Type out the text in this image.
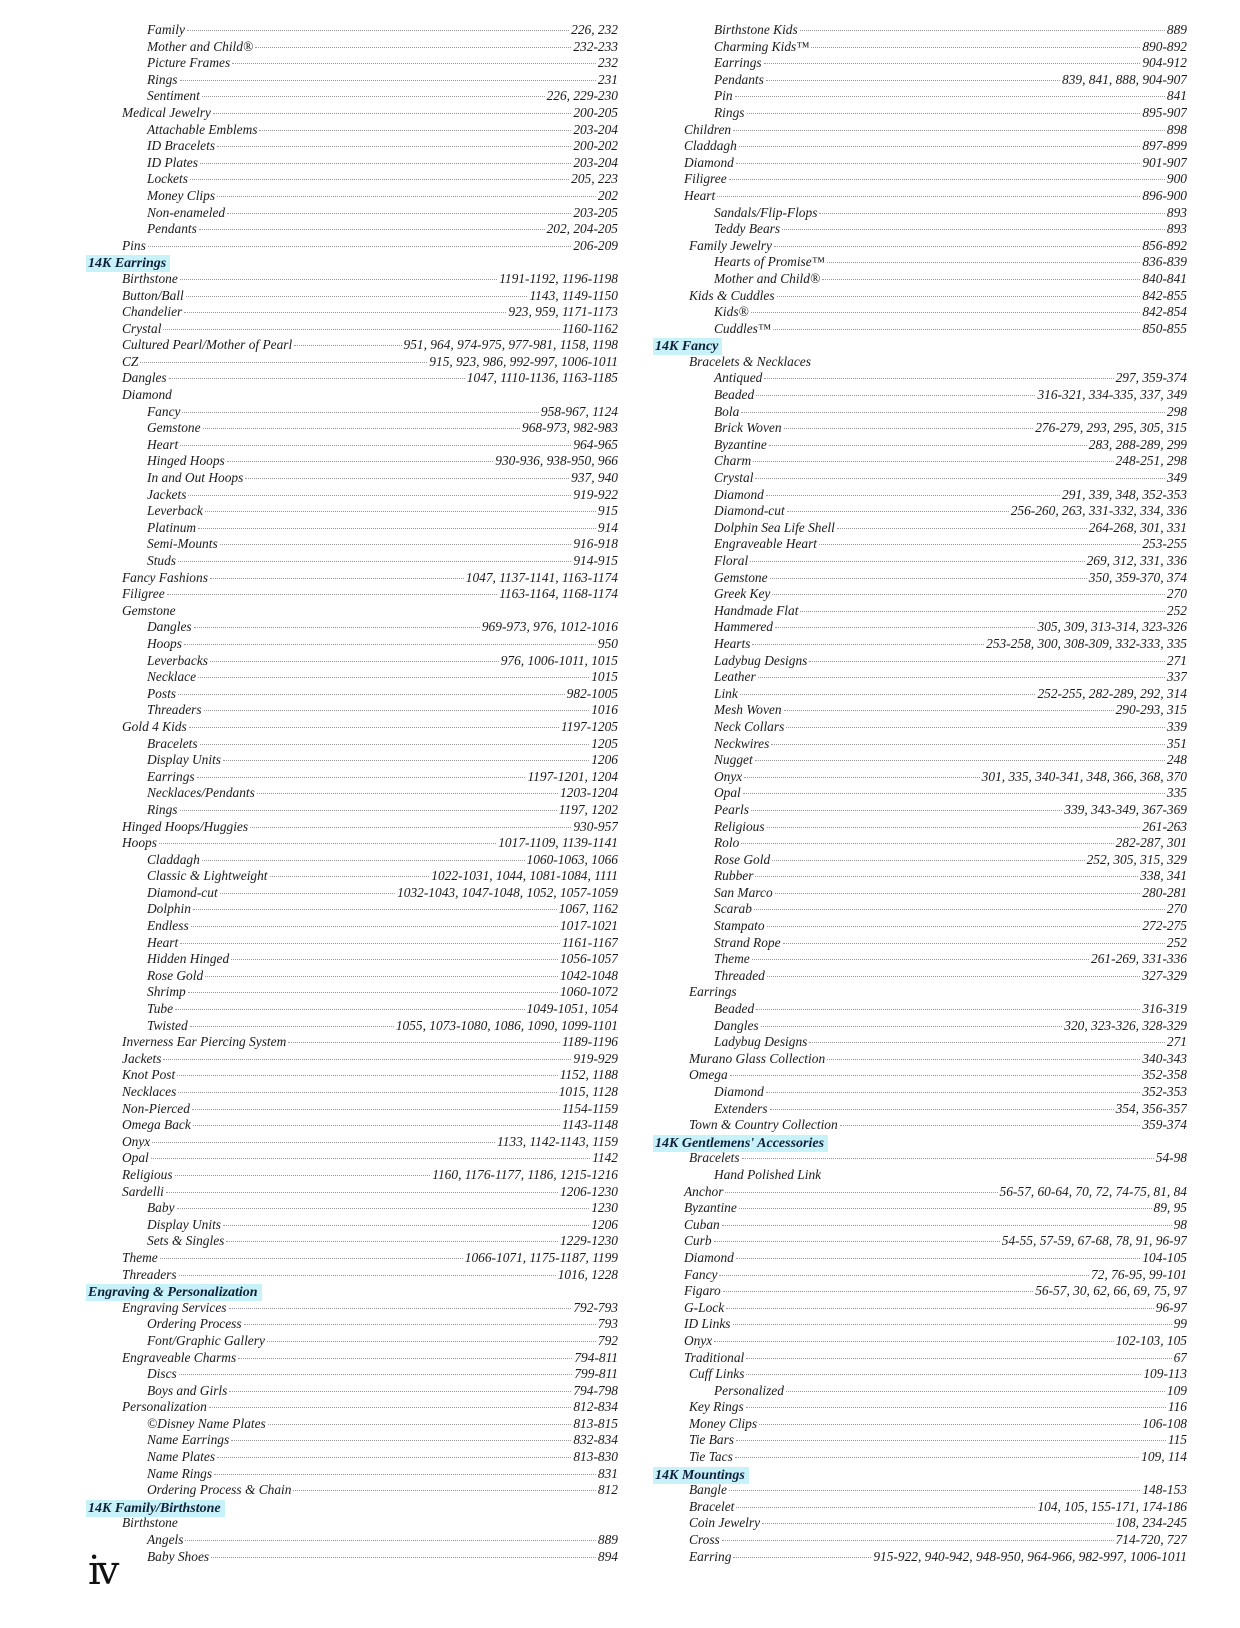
Family	226, 232
Mother and Child®	232-233
Picture Frames	232
Rings	231
Sentiment	226, 229-230
Medical Jewelry	200-205
Attachable Emblems	203-204
ID Bracelets	200-202
ID Plates	203-204
Lockets	205, 223
Money Clips	202
Non-enameled	203-205
Pendants	202, 204-205
Pins	206-209
14K Earrings
Birthstone	1191-1192, 1196-1198
Button/Ball	1143, 1149-1150
Chandelier	923, 959, 1171-1173
Crystal	1160-1162
Cultured Pearl/Mother of Pearl	951, 964, 974-975, 977-981, 1158, 1198
CZ	915, 923, 986, 992-997, 1006-1011
Dangles	1047, 1110-1136, 1163-1185
Diamond
Fancy	958-967, 1124
Gemstone	968-973, 982-983
Heart	964-965
Hinged Hoops	930-936, 938-950, 966
In and Out Hoops	937, 940
Jackets	919-922
Leverback	915
Platinum	914
Semi-Mounts	916-918
Studs	914-915
Fancy Fashions	1047, 1137-1141, 1163-1174
Filigree	1163-1164, 1168-1174
Gemstone
Dangles	969-973, 976, 1012-1016
Hoops	950
Leverbacks	976, 1006-1011, 1015
Necklace	1015
Posts	982-1005
Threaders	1016
Gold 4 Kids	1197-1205
Bracelets	1205
Display Units	1206
Earrings	1197-1201, 1204
Necklaces/Pendants	1203-1204
Rings	1197, 1202
Hinged Hoops/Huggies	930-957
Hoops	1017-1109, 1139-1141
Claddagh	1060-1063, 1066
Classic & Lightweight	1022-1031, 1044, 1081-1084, 1111
Diamond-cut	1032-1043, 1047-1048, 1052, 1057-1059
Dolphin	1067, 1162
Endless	1017-1021
Heart	1161-1167
Hidden Hinged	1056-1057
Rose Gold	1042-1048
Shrimp	1060-1072
Tube	1049-1051, 1054
Twisted	1055, 1073-1080, 1086, 1090, 1099-1101
Inverness Ear Piercing System	1189-1196
Jackets	919-929
Knot Post	1152, 1188
Necklaces	1015, 1128
Non-Pierced	1154-1159
Omega Back	1143-1148
Onyx	1133, 1142-1143, 1159
Opal	1142
Religious	1160, 1176-1177, 1186, 1215-1216
Sardelli	1206-1230
Baby	1230
Display Units	1206
Sets & Singles	1229-1230
Theme	1066-1071, 1175-1187, 1199
Threaders	1016, 1228
Engraving & Personalization
Engraving Services	792-793
Ordering Process	793
Font/Graphic Gallery	792
Engraveable Charms	794-811
Discs	799-811
Boys and Girls	794-798
Personalization	812-834
©Disney Name Plates	813-815
Name Earrings	832-834
Name Plates	813-830
Name Rings	831
Ordering Process & Chain	812
14K Family/Birthstone
Birthstone
Angels	889
Baby Shoes	894
Birthstone Kids	889
Charming Kids™	890-892
Earrings	904-912
Pendants	839, 841, 888, 904-907
Pin	841
Rings	895-907
Children	898
Claddagh	897-899
Diamond	901-907
Filigree	900
Heart	896-900
Sandals/Flip-Flops	893
Teddy Bears	893
Family Jewelry	856-892
Hearts of Promise™	836-839
Mother and Child®	840-841
Kids & Cuddles	842-855
Kids®	842-854
Cuddles™	850-855
14K Fancy
Bracelets & Necklaces
Antiqued	297, 359-374
Beaded	316-321, 334-335, 337, 349
Bola	298
Brick Woven	276-279, 293, 295, 305, 315
Byzantine	283, 288-289, 299
Charm	248-251, 298
Crystal	349
Diamond	291, 339, 348, 352-353
Diamond-cut	256-260, 263, 331-332, 334, 336
Dolphin Sea Life Shell	264-268, 301, 331
Engraveable Heart	253-255
Floral	269, 312, 331, 336
Gemstone	350, 359-370, 374
Greek Key	270
Handmade Flat	252
Hammered	305, 309, 313-314, 323-326
Hearts	253-258, 300, 308-309, 332-333, 335
Ladybug Designs	271
Leather	337
Link	252-255, 282-289, 292, 314
Mesh Woven	290-293, 315
Neck Collars	339
Neckwires	351
Nugget	248
Onyx	301, 335, 340-341, 348, 366, 368, 370
Opal	335
Pearls	339, 343-349, 367-369
Religious	261-263
Rolo	282-287, 301
Rose Gold	252, 305, 315, 329
Rubber	338, 341
San Marco	280-281
Scarab	270
Stampato	272-275
Strand Rope	252
Theme	261-269, 331-336
Threaded	327-329
Earrings
Beaded	316-319
Dangles	320, 323-326, 328-329
Ladybug Designs	271
Murano Glass Collection	340-343
Omega	352-358
Diamond	352-353
Extenders	354, 356-357
Town & Country Collection	359-374
14K Gentlemens' Accessories
Bracelets	54-98
Hand Polished Link
Anchor	56-57, 60-64, 70, 72, 74-75, 81, 84
Byzantine	89, 95
Cuban	98
Curb	54-55, 57-59, 67-68, 78, 91, 96-97
Diamond	104-105
Fancy	72, 76-95, 99-101
Figaro	56-57, 30, 62, 66, 69, 75, 97
G-Lock	96-97
ID Links	99
Onyx	102-103, 105
Traditional	67
Cuff Links	109-113
Personalized	109
Key Rings	116
Money Clips	106-108
Tie Bars	115
Tie Tacs	109, 114
14K Mountings
Bangle	148-153
Bracelet	104, 105, 155-171, 174-186
Coin Jewelry	108, 234-245
Cross	714-720, 727
Earring	915-922, 940-942, 948-950, 964-966, 982-997, 1006-1011
iv
